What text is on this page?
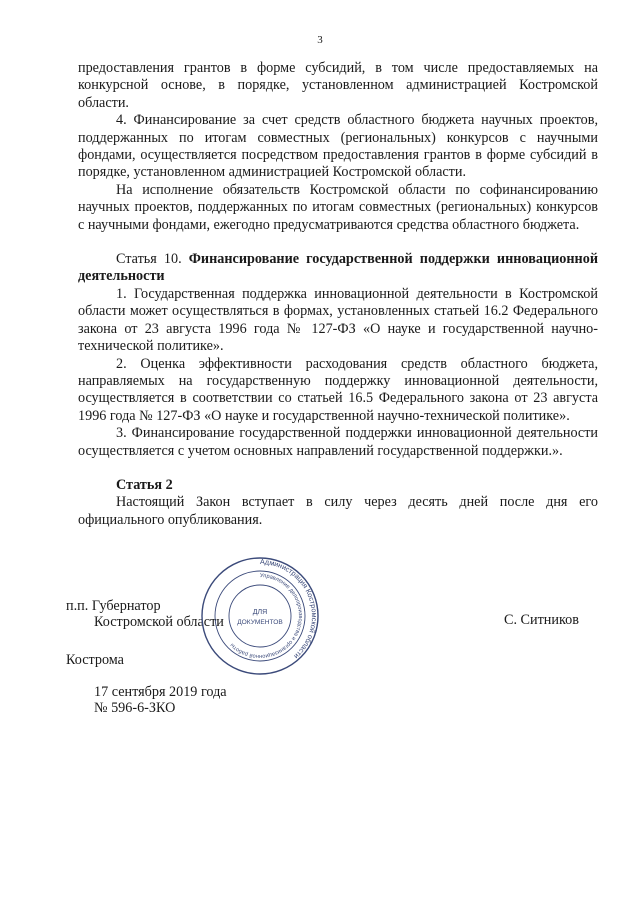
3

предоставления грантов в форме субсидий, в том числе предоставляемых на конкурсной основе, в порядке, установленном администрацией Костромской области.

4. Финансирование за счет средств областного бюджета научных проектов, поддержанных по итогам совместных (региональных) конкурсов с научными фондами, осуществляется посредством предоставления грантов в форме субсидий в порядке, установленном администрацией Костромской области.

На исполнение обязательств Костромской области по софинансированию научных проектов, поддержанных по итогам совместных (региональных) конкурсов с научными фондами, ежегодно предусматриваются средства областного бюджета.

Статья 10. Финансирование государственной поддержки инновационной деятельности

1. Государственная поддержка инновационной деятельности в Костромской области может осуществляться в формах, установленных статьей 16.2 Федерального закона от 23 августа 1996 года № 127-ФЗ «О науке и государственной научно-технической политике».

2. Оценка эффективности расходования средств областного бюджета, направляемых на государственную поддержку инновационной деятельности, осуществляется в соответствии со статьей 16.5 Федерального закона от 23 августа 1996 года № 127-ФЗ «О науке и государственной научно-технической политике».

3. Финансирование государственной поддержки инновационной деятельности осуществляется с учетом основных направлений государственной поддержки.».

Статья 2

Настоящий Закон вступает в силу через десять дней после дня его официального опубликования.

п.п. Губернатор
Костромской области	С. Ситников
Кострома
17 сентября 2019 года
№ 596-6-ЗКО
Администрация Костромской области
Управление делопроизводства и организационной работы
ДЛЯ
ДОКУМЕНТОВ
